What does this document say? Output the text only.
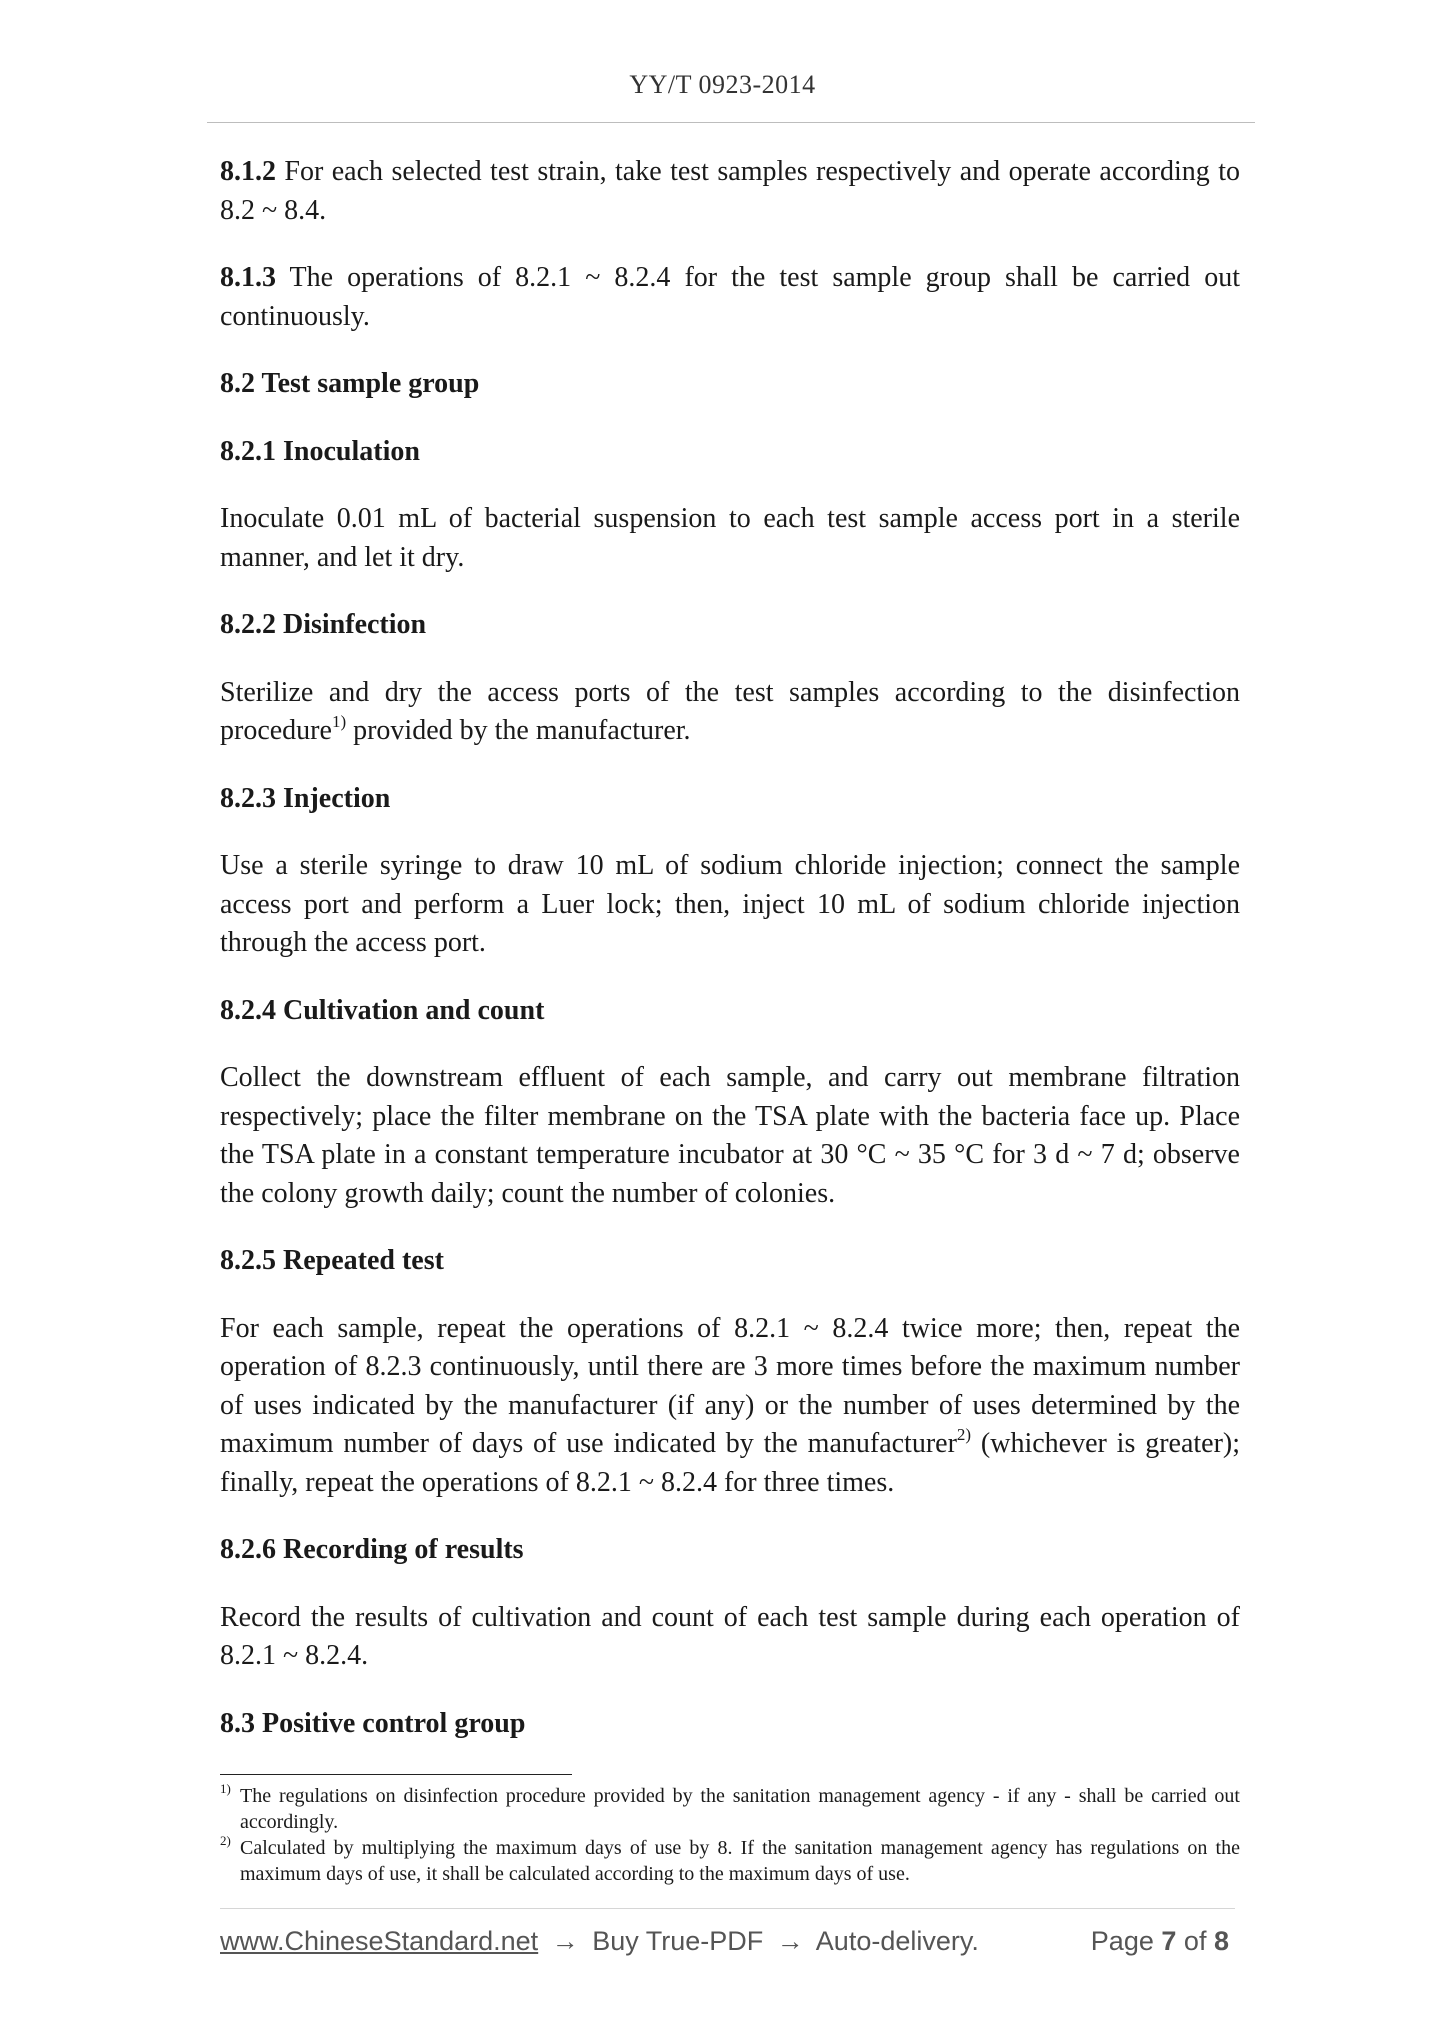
YY/T 0923-2014

8.1.2 For each selected test strain, take test samples respectively and operate according to 8.2 ~ 8.4.

8.1.3 The operations of 8.2.1 ~ 8.2.4 for the test sample group shall be carried out continuously.

8.2 Test sample group

8.2.1 Inoculation

Inoculate 0.01 mL of bacterial suspension to each test sample access port in a sterile manner, and let it dry.

8.2.2 Disinfection

Sterilize and dry the access ports of the test samples according to the disinfection procedure$^{1)}$ provided by the manufacturer.

8.2.3 Injection

Use a sterile syringe to draw 10 mL of sodium chloride injection; connect the sample access port and perform a Luer lock; then, inject 10 mL of sodium chloride injection through the access port.

8.2.4 Cultivation and count

Collect the downstream effluent of each sample, and carry out membrane filtration respectively; place the filter membrane on the TSA plate with the bacteria face up. Place the TSA plate in a constant temperature incubator at 30 °C ~ 35 °C for 3 d ~ 7 d; observe the colony growth daily; count the number of colonies.

8.2.5 Repeated test

For each sample, repeat the operations of 8.2.1 ~ 8.2.4 twice more; then, repeat the operation of 8.2.3 continuously, until there are 3 more times before the maximum number of uses indicated by the manufacturer (if any) or the number of uses determined by the maximum number of days of use indicated by the manufacturer$^{2)}$ (whichever is greater); finally, repeat the operations of 8.2.1 ~ 8.2.4 for three times.

8.2.6 Recording of results

Record the results of cultivation and count of each test sample during each operation of 8.2.1 ~ 8.2.4.

8.3 Positive control group

$^{1)}$ The regulations on disinfection procedure provided by the sanitation management agency - if any - shall be carried out accordingly.

$^{2)}$ Calculated by multiplying the maximum days of use by 8. If the sanitation management agency has regulations on the maximum days of use, it shall be calculated according to the maximum days of use.

www.ChineseStandard.net → Buy True-PDF → Auto-delivery.	Page 7 of 8
